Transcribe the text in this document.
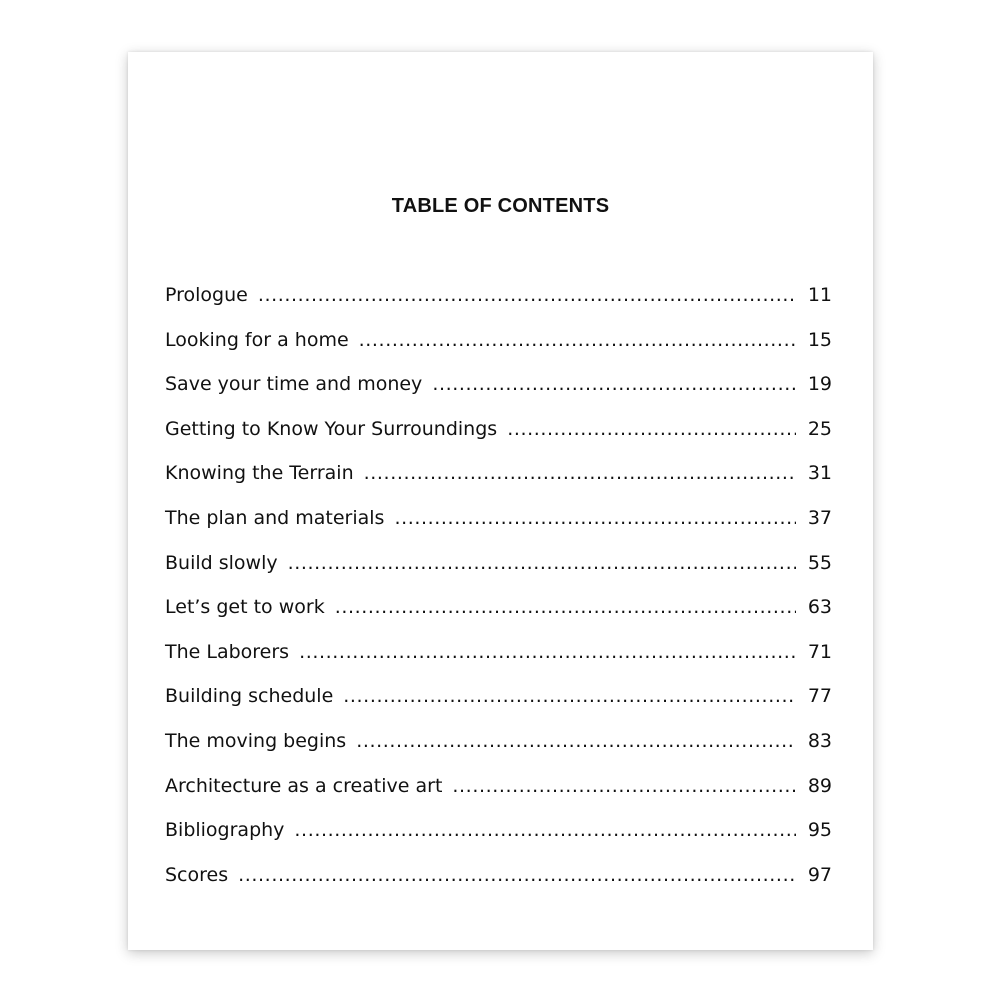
TABLE OF CONTENTS
Prologue .....	11
Looking for a home .....	15
Save your time and money .....	19
Getting to Know Your Surroundings .....	25
Knowing the Terrain .....	31
The plan and materials .....	37
Build slowly .....	55
Let’s get to work .....	63
The Laborers .....	71
Building schedule .....	77
The moving begins .....	83
Architecture as a creative art .....	89
Bibliography .....	95
Scores .....	97
